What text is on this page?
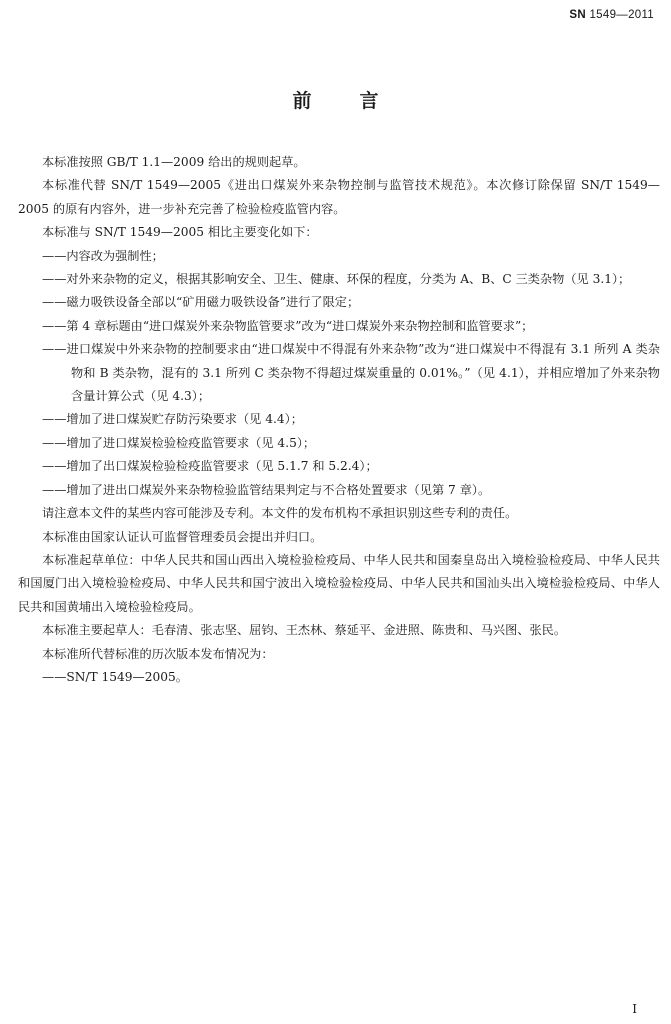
SN 1549—2011
前言

本标准按照 GB/T 1.1—2009 给出的规则起草。

本标准代替 SN/T 1549—2005《进出口煤炭外来杂物控制与监管技术规范》。本次修订除保留 SN/T 1549—2005 的原有内容外，进一步补充完善了检验检疫监管内容。

本标准与 SN/T 1549—2005 相比主要变化如下：

——内容改为强制性；

——对外来杂物的定义，根据其影响安全、卫生、健康、环保的程度，分类为 A、B、C 三类杂物（见 3.1）；

——磁力吸铁设备全部以“矿用磁力吸铁设备”进行了限定；

——第 4 章标题由“进口煤炭外来杂物监管要求”改为“进口煤炭外来杂物控制和监管要求”；

——进口煤炭中外来杂物的控制要求由“进口煤炭中不得混有外来杂物”改为“进口煤炭中不得混有 3.1 所列 A 类杂物和 B 类杂物，混有的 3.1 所列 C 类杂物不得超过煤炭重量的 0.01%。”（见 4.1），并相应增加了外来杂物含量计算公式（见 4.3）；

——增加了进口煤炭贮存防污染要求（见 4.4）；

——增加了进口煤炭检验检疫监管要求（见 4.5）；

——增加了出口煤炭检验检疫监管要求（见 5.1.7 和 5.2.4）；

——增加了进出口煤炭外来杂物检验监管结果判定与不合格处置要求（见第 7 章）。

请注意本文件的某些内容可能涉及专利。本文件的发布机构不承担识别这些专利的责任。

本标准由国家认证认可监督管理委员会提出并归口。

本标准起草单位：中华人民共和国山西出入境检验检疫局、中华人民共和国秦皇岛出入境检验检疫局、中华人民共和国厦门出入境检验检疫局、中华人民共和国宁波出入境检验检疫局、中华人民共和国汕头出入境检验检疫局、中华人民共和国黄埔出入境检验检疫局。

本标准主要起草人：毛春清、张志坚、屈钧、王杰林、蔡延平、金进照、陈贵和、马兴图、张民。

本标准所代替标准的历次版本发布情况为：

——SN/T 1549—2005。

I
